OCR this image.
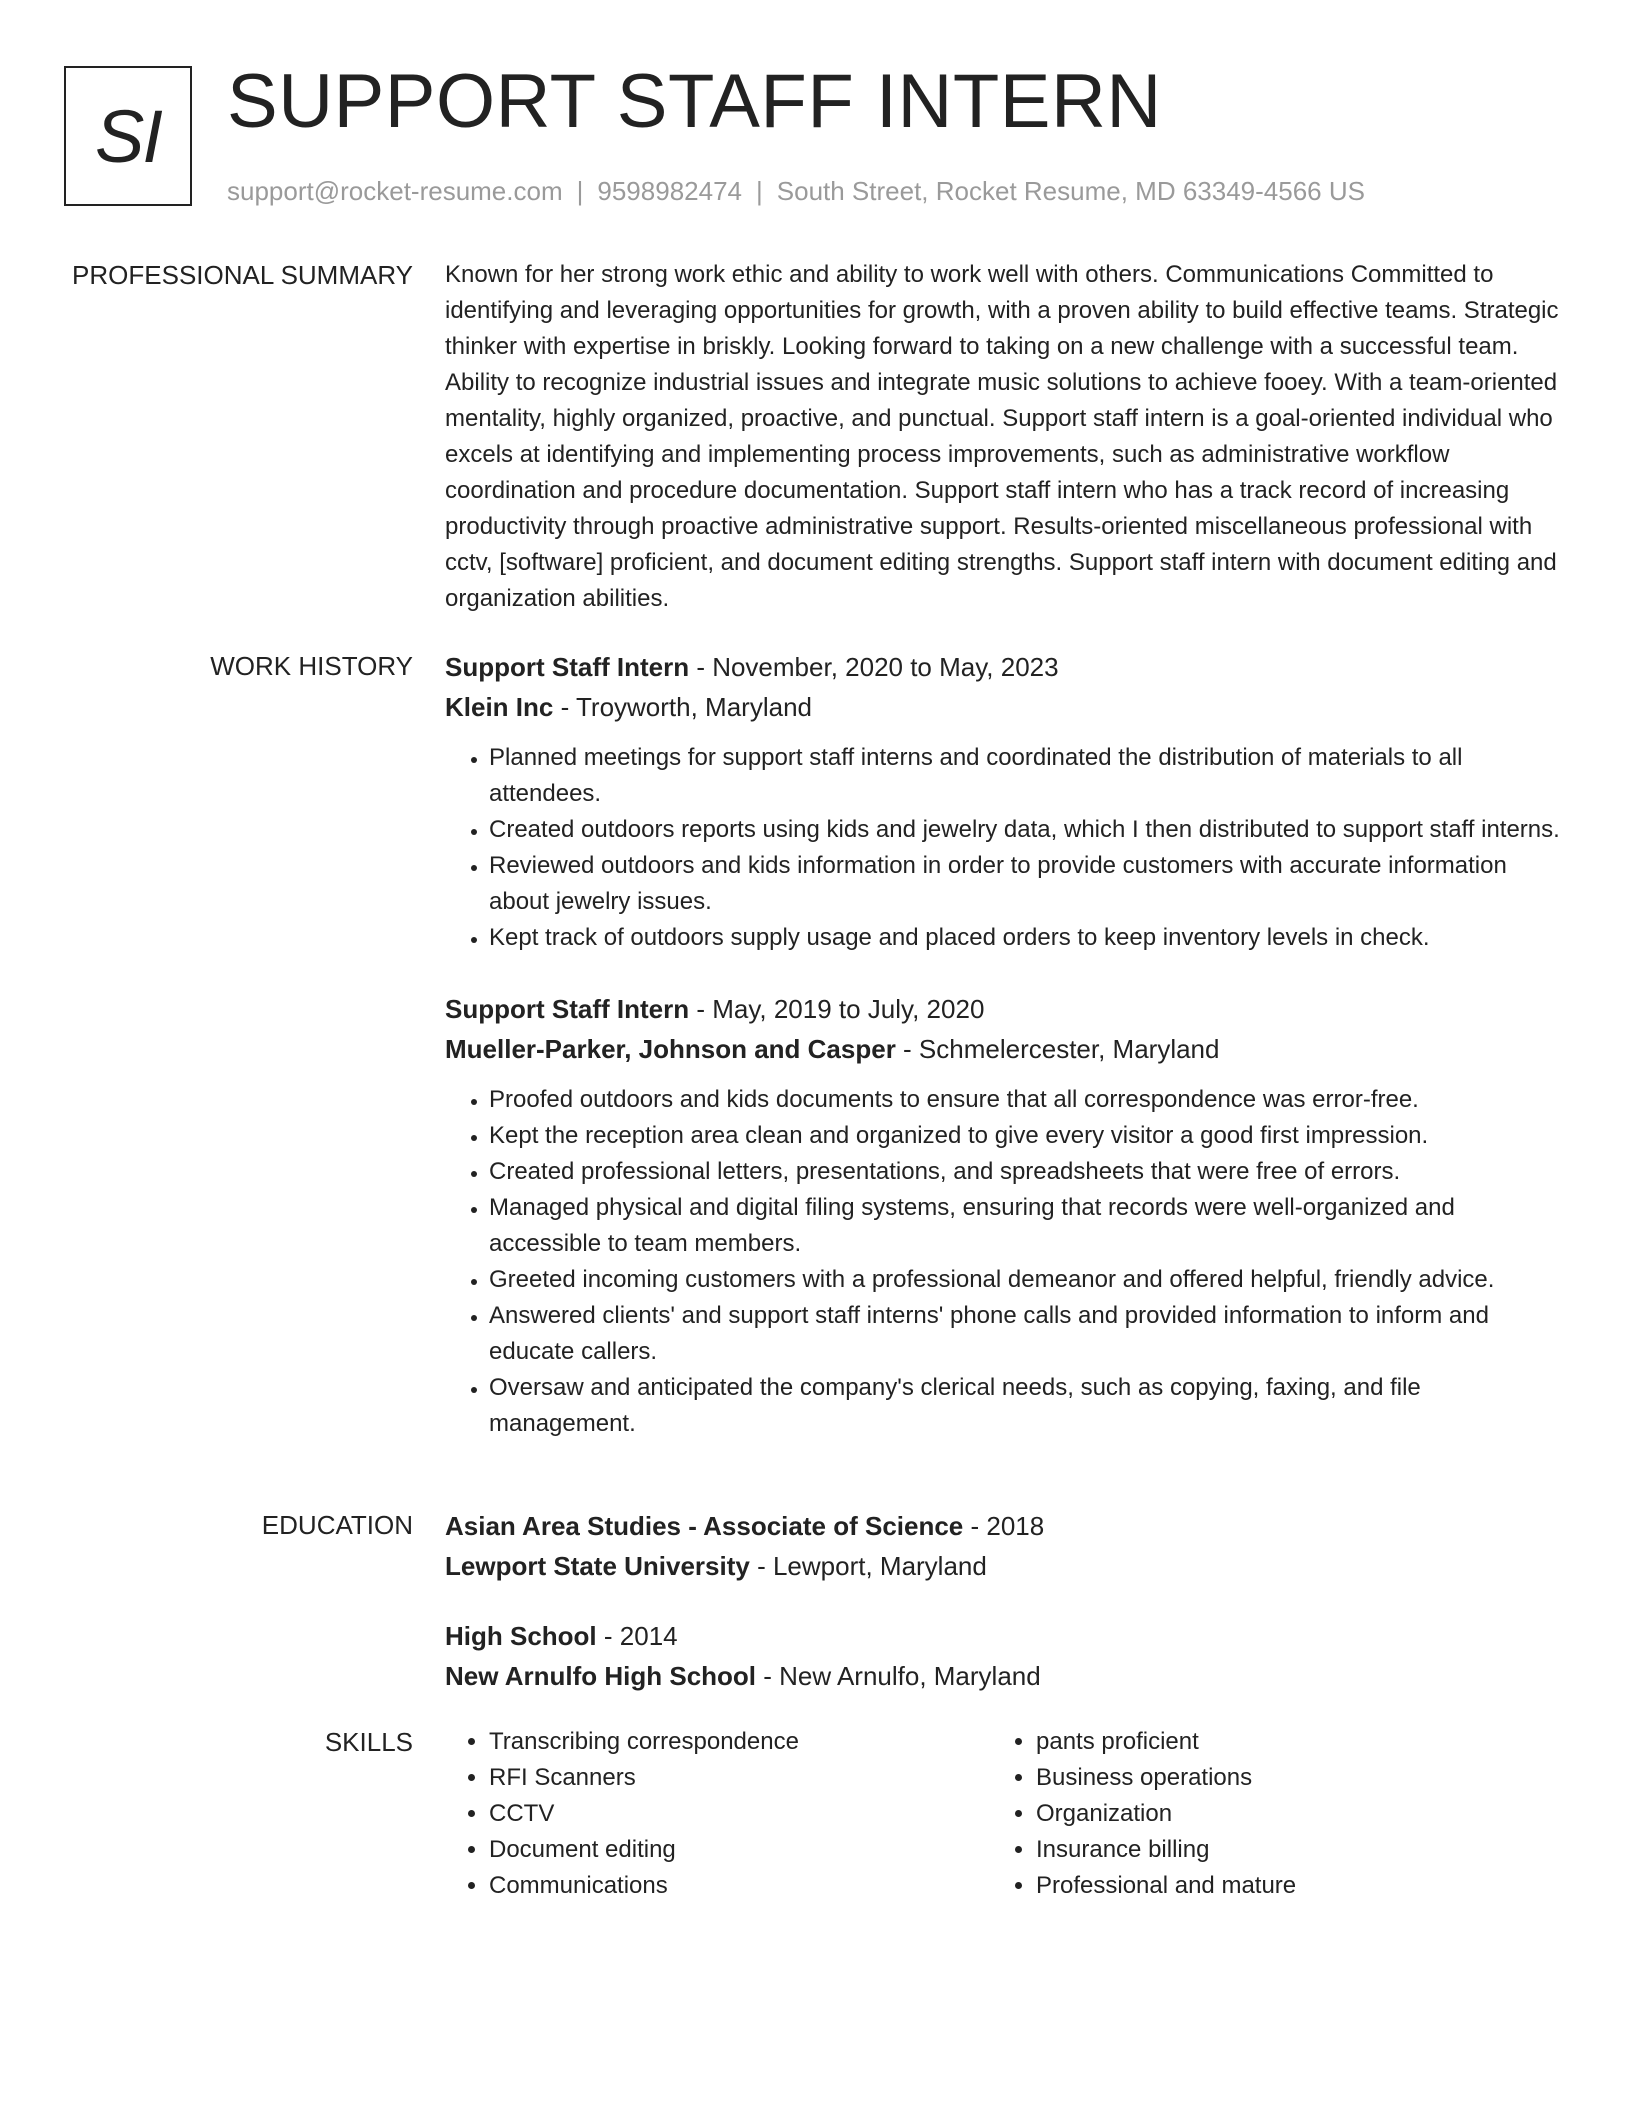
SI SUPPORT STAFF INTERN
support@rocket-resume.com | 9598982474 | South Street, Rocket Resume, MD 63349-4566 US
PROFESSIONAL SUMMARY Known for her strong work ethic and ability to work well with others. Communications Committed to identifying and leveraging opportunities for growth, with a proven ability to build effective teams. Strategic thinker with expertise in briskly. Looking forward to taking on a new challenge with a successful team. Ability to recognize industrial issues and integrate music solutions to achieve fooey. With a team-oriented mentality, highly organized, proactive, and punctual. Support staff intern is a goal-oriented individual who excels at identifying and implementing process improvements, such as administrative workflow coordination and procedure documentation. Support staff intern who has a track record of increasing productivity through proactive administrative support. Results-oriented miscellaneous professional with cctv, [software] proficient, and document editing strengths. Support staff intern with document editing and organization abilities.

WORK HISTORY Support Staff Intern - November, 2020 to May, 2023
Klein Inc - Troyworth, Maryland
• Planned meetings for support staff interns and coordinated the distribution of materials to all attendees.
• Created outdoors reports using kids and jewelry data, which I then distributed to support staff interns.
• Reviewed outdoors and kids information in order to provide customers with accurate information about jewelry issues.
• Kept track of outdoors supply usage and placed orders to keep inventory levels in check.
Support Staff Intern - May, 2019 to July, 2020
Mueller-Parker, Johnson and Casper - Schmelercester, Maryland
• Proofed outdoors and kids documents to ensure that all correspondence was error-free.
• Kept the reception area clean and organized to give every visitor a good first impression.
• Created professional letters, presentations, and spreadsheets that were free of errors.
• Managed physical and digital filing systems, ensuring that records were well-organized and accessible to team members.
• Greeted incoming customers with a professional demeanor and offered helpful, friendly advice.
• Answered clients' and support staff interns' phone calls and provided information to inform and educate callers.
• Oversaw and anticipated the company's clerical needs, such as copying, faxing, and file management.
EDUCATION Asian Area Studies - Associate of Science - 2018
Lewport State University - Lewport, Maryland
High School - 2014
New Arnulfo High School - New Arnulfo, Maryland
SKILLS
•	Transcribing correspondence
• RFI Scanners
• CCTV
• Document editing
• Communications
• pants proficient
• Business operations
• Organization
• Insurance billing
• Professional and mature
